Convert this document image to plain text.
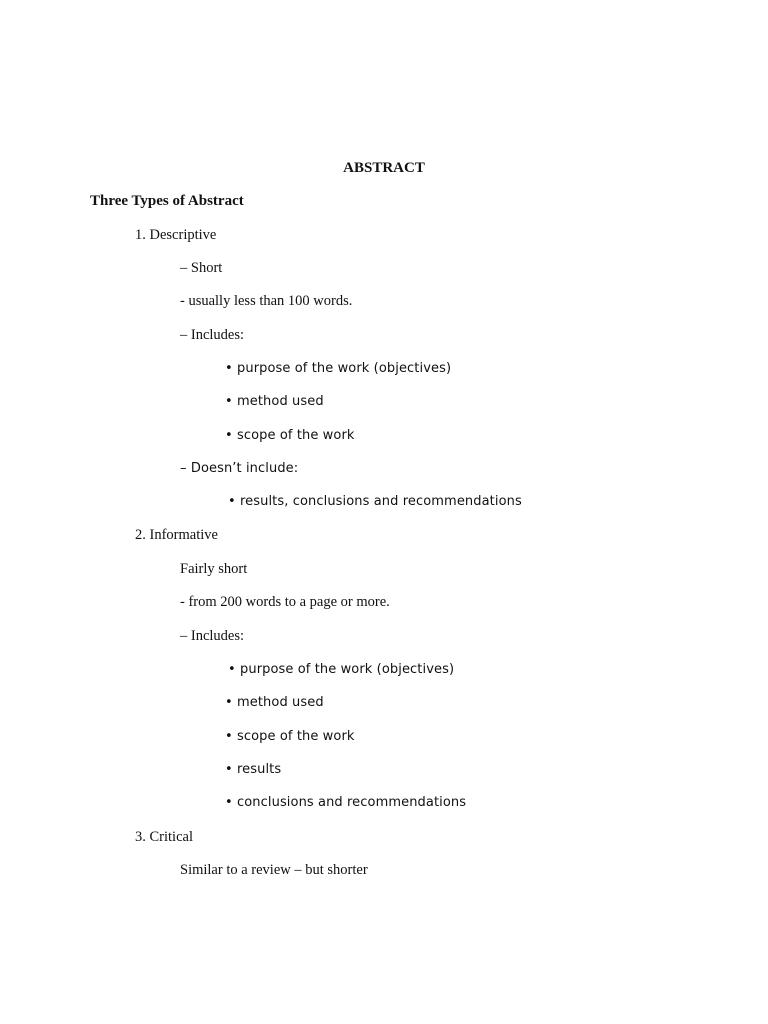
ABSTRACT
Three Types of Abstract
1. Descriptive
– Short
- usually less than 100 words.
– Includes:
• purpose of the work (objectives)
• method used
• scope of the work
– Doesn’t include:
• results, conclusions and recommendations
2. Informative
Fairly short
- from 200 words to a page or more.
– Includes:
• purpose of the work (objectives)
• method used
• scope of the work
• results
• conclusions and recommendations
3. Critical
Similar to a review – but shorter
